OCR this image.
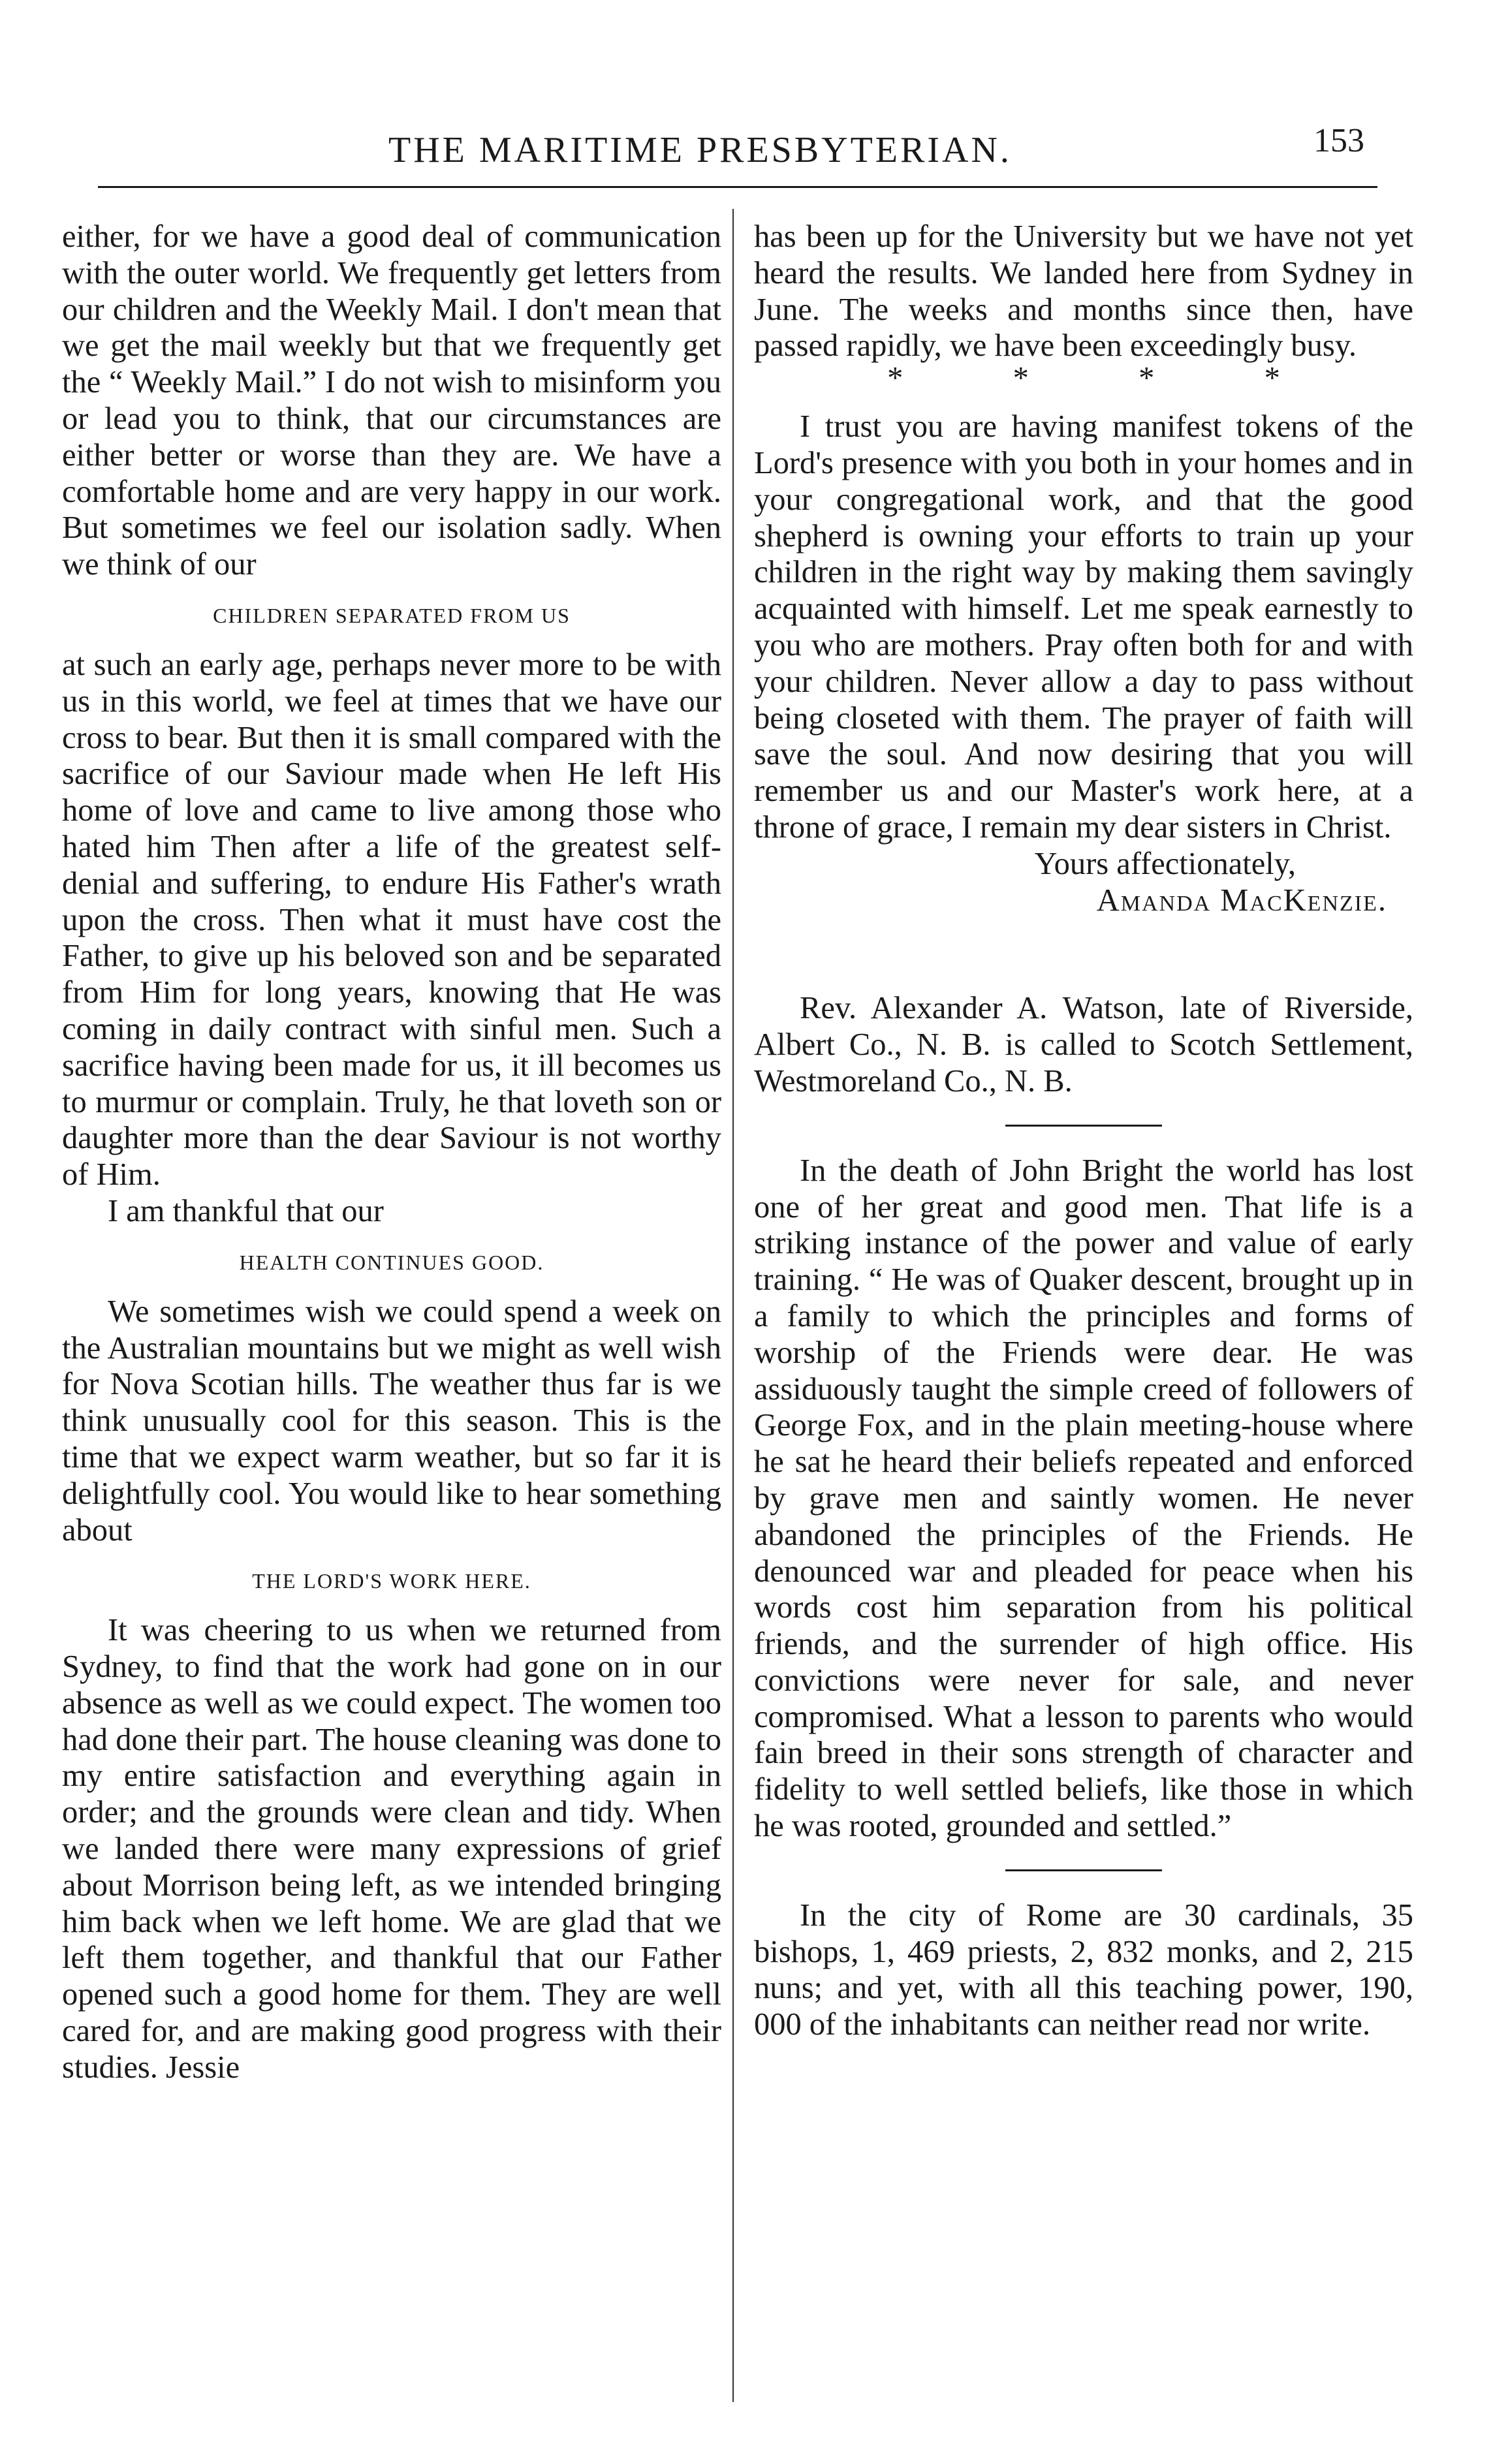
THE MARITIME PRESBYTERIAN.	153

either, for we have a good deal of communication with the outer world. We frequently get letters from our children and the Weekly Mail. I don't mean that we get the mail weekly but that we frequently get the “ Weekly Mail.” I do not wish to misinform you or lead you to think, that our circumstances are either better or worse than they are. We have a comfortable home and are very happy in our work. But sometimes we feel our isolation sadly. When we think of our

CHILDREN SEPARATED FROM US

at such an early age, perhaps never more to be with us in this world, we feel at times that we have our cross to bear. But then it is small compared with the sacrifice of our Saviour made when He left His home of love and came to live among those who hated him Then after a life of the greatest self-denial and suffering, to endure His Father's wrath upon the cross. Then what it must have cost the Father, to give up his beloved son and be separated from Him for long years, knowing that He was coming in daily contract with sinful men. Such a sacrifice having been made for us, it ill becomes us to murmur or complain. Truly, he that loveth son or daughter more than the dear Saviour is not worthy of Him.

I am thankful that our

HEALTH CONTINUES GOOD.

We sometimes wish we could spend a week on the Australian mountains but we might as well wish for Nova Scotian hills. The weather thus far is we think unusually cool for this season. This is the time that we expect warm weather, but so far it is delightfully cool. You would like to hear something about

THE LORD'S WORK HERE.

It was cheering to us when we returned from Sydney, to find that the work had gone on in our absence as well as we could expect. The women too had done their part. The house cleaning was done to my entire satisfaction and everything again in order; and the grounds were clean and tidy. When we landed there were many expressions of grief about Morrison being left, as we intended bringing him back when we left home. We are glad that we left them together, and thankful that our Father opened such a good home for them. They are well cared for, and are making good progress with their studies. Jessie

has been up for the University but we have not yet heard the results. We landed here from Sydney in June. The weeks and months since then, have passed rapidly, we have been exceedingly busy.

*	*	*	*

I trust you are having manifest tokens of the Lord's presence with you both in your homes and in your congregational work, and that the good shepherd is owning your efforts to train up your children in the right way by making them savingly acquainted with himself. Let me speak earnestly to you who are mothers. Pray often both for and with your children. Never allow a day to pass without being closeted with them. The prayer of faith will save the soul. And now desiring that you will remember us and our Master's work here, at a throne of grace, I remain my dear sisters in Christ.

Yours affectionately,

Amanda MacKenzie.

Rev. Alexander A. Watson, late of Riverside, Albert Co., N. B. is called to Scotch Settlement, Westmoreland Co., N. B.

In the death of John Bright the world has lost one of her great and good men. That life is a striking instance of the power and value of early training. “ He was of Quaker descent, brought up in a family to which the principles and forms of worship of the Friends were dear. He was assiduously taught the simple creed of followers of George Fox, and in the plain meeting-house where he sat he heard their beliefs repeated and enforced by grave men and saintly women. He never abandoned the principles of the Friends. He denounced war and pleaded for peace when his words cost him separation from his political friends, and the surrender of high office. His convictions were never for sale, and never compromised. What a lesson to parents who would fain breed in their sons strength of character and fidelity to well settled beliefs, like those in which he was rooted, grounded and settled.”

In the city of Rome are 30 cardinals, 35 bishops, 1, 469 priests, 2, 832 monks, and 2, 215 nuns; and yet, with all this teaching power, 190, 000 of the inhabitants can neither read nor write.
